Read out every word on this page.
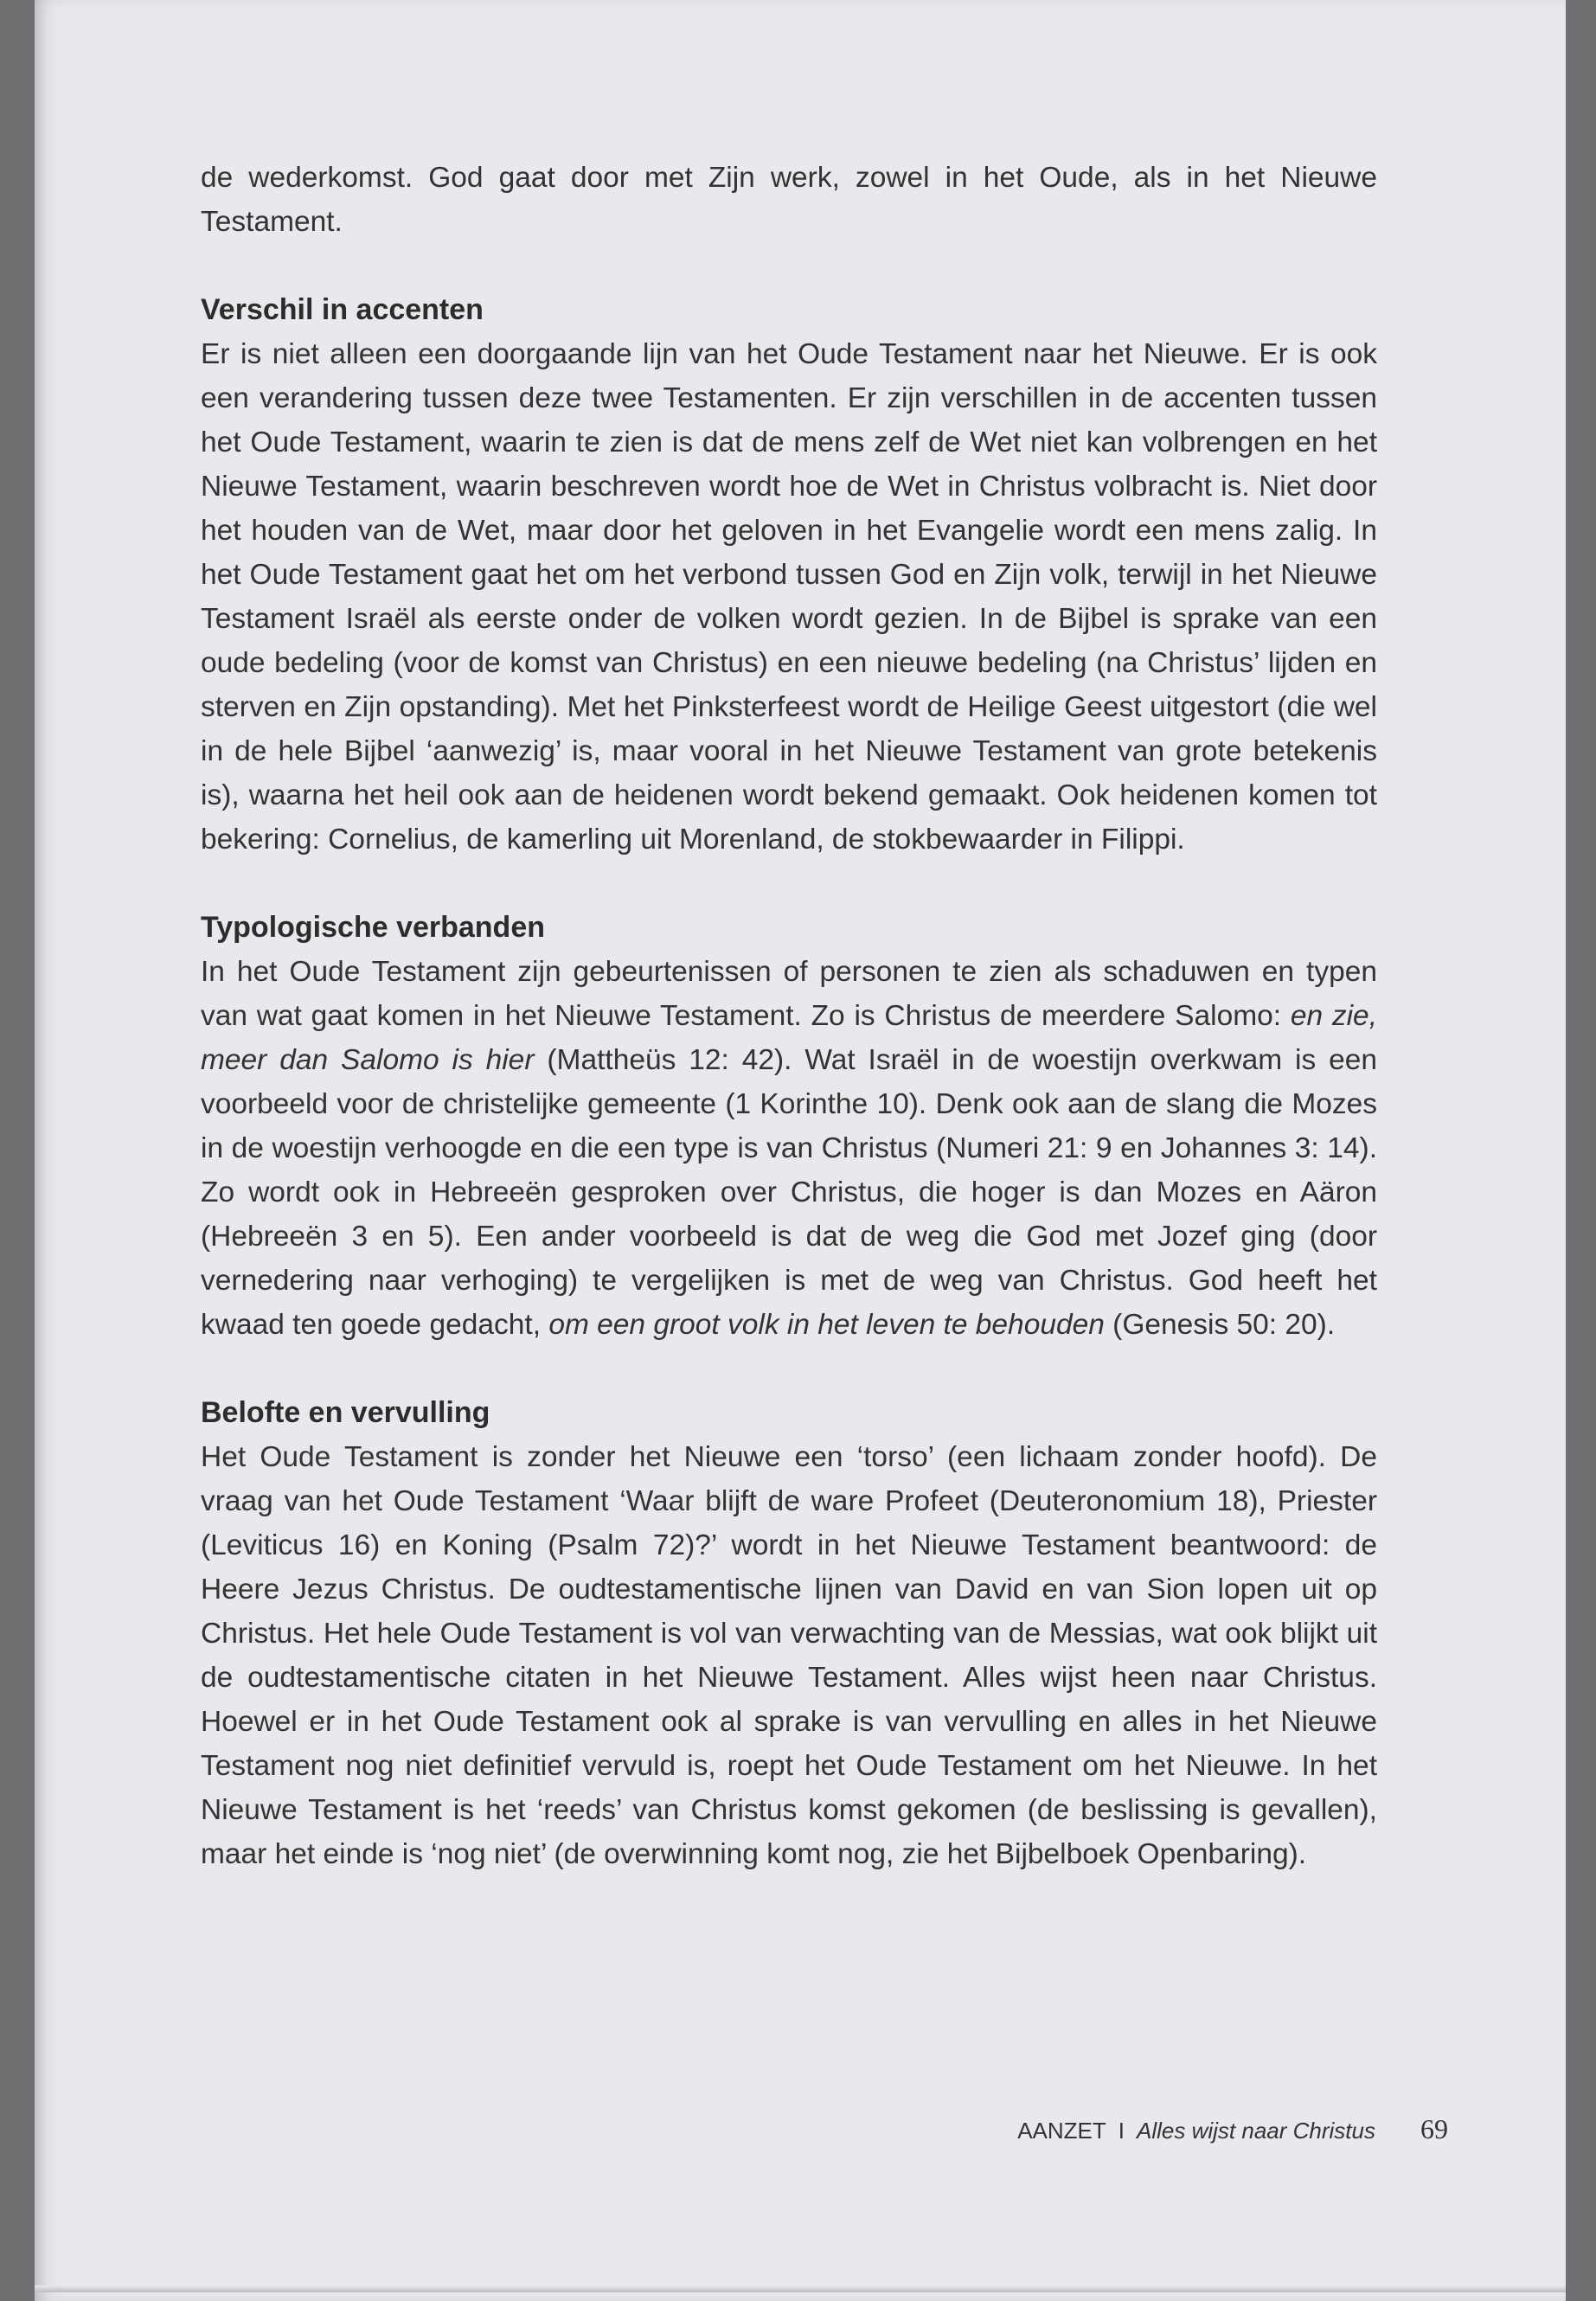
de wederkomst. God gaat door met Zijn werk, zowel in het Oude, als in het Nieuwe Testament.

Verschil in accenten

Er is niet alleen een doorgaande lijn van het Oude Testament naar het Nieuwe. Er is ook een verandering tussen deze twee Testamenten. Er zijn verschillen in de accenten tussen het Oude Testament, waarin te zien is dat de mens zelf de Wet niet kan volbrengen en het Nieuwe Testament, waarin beschreven wordt hoe de Wet in Christus volbracht is. Niet door het houden van de Wet, maar door het geloven in het Evangelie wordt een mens zalig. In het Oude Testament gaat het om het verbond tussen God en Zijn volk, terwijl in het Nieuwe Testament Israël als eerste onder de volken wordt gezien. In de Bijbel is sprake van een oude bedeling (voor de komst van Christus) en een nieuwe bedeling (na Christus’ lijden en sterven en Zijn opstanding). Met het Pinksterfeest wordt de Heilige Geest uitgestort (die wel in de hele Bijbel ‘aanwezig’ is, maar vooral in het Nieuwe Testament van grote betekenis is), waarna het heil ook aan de heidenen wordt bekend gemaakt. Ook heidenen komen tot bekering: Cornelius, de kamerling uit Morenland, de stokbewaarder in Filippi.

Typologische verbanden

In het Oude Testament zijn gebeurtenissen of personen te zien als schaduwen en typen van wat gaat komen in het Nieuwe Testament. Zo is Christus de meerdere Salomo: en zie, meer dan Salomo is hier (Mattheüs 12: 42). Wat Israël in de woestijn overkwam is een voorbeeld voor de christelijke gemeente (1 Korinthe 10). Denk ook aan de slang die Mozes in de woestijn verhoogde en die een type is van Christus (Numeri 21: 9 en Johannes 3: 14). Zo wordt ook in Hebreeën gesproken over Christus, die hoger is dan Mozes en Aäron (Hebreeën 3 en 5). Een ander voorbeeld is dat de weg die God met Jozef ging (door vernedering naar verhoging) te vergelijken is met de weg van Christus. God heeft het kwaad ten goede gedacht, om een groot volk in het leven te behouden (Genesis 50: 20).

Belofte en vervulling

Het Oude Testament is zonder het Nieuwe een ‘torso’ (een lichaam zonder hoofd). De vraag van het Oude Testament ‘Waar blijft de ware Profeet (Deuteronomium 18), Priester (Leviticus 16) en Koning (Psalm 72)?’ wordt in het Nieuwe Testament beantwoord: de Heere Jezus Christus. De oudtestamentische lijnen van David en van Sion lopen uit op Christus. Het hele Oude Testament is vol van verwachting van de Messias, wat ook blijkt uit de oudtestamentische citaten in het Nieuwe Testament. Alles wijst heen naar Christus. Hoewel er in het Oude Testament ook al sprake is van vervulling en alles in het Nieuwe Testament nog niet definitief vervuld is, roept het Oude Testament om het Nieuwe. In het Nieuwe Testament is het ‘reeds’ van Christus komst gekomen (de beslissing is gevallen), maar het einde is ‘nog niet’ (de overwinning komt nog, zie het Bijbelboek Openbaring).

AANZET I Alles wijst naar Christus 69
